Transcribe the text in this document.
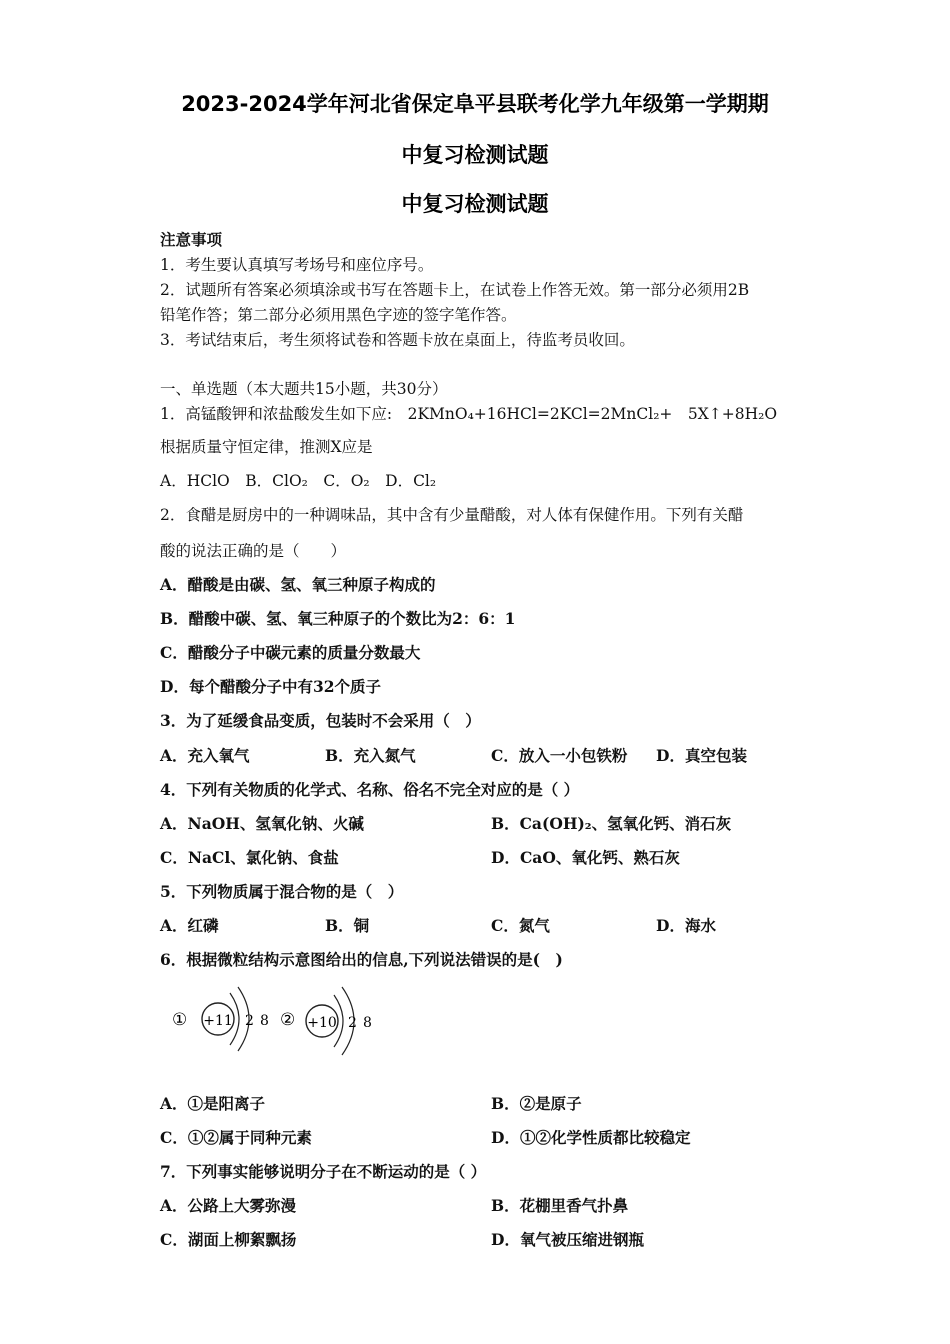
2023-2024学年河北省保定阜平县联考化学九年级第一学期期
中复习检测试题
中复习检测试题
注意事项
1．考生要认真填写考场号和座位序号。
2．试题所有答案必须填涂或书写在答题卡上，在试卷上作答无效。第一部分必须用2B
铅笔作答；第二部分必须用黑色字迹的签字笔作答。
3．考试结束后，考生须将试卷和答题卡放在桌面上，待监考员收回。
一、单选题（本大题共15小题，共30分）
1．高锰酸钾和浓盐酸发生如下应:　2KMnO₄+16HCl=2KCl=2MnCl₂+　5X↑+8H₂O
根据质量守恒定律，推测X应是
A．HClO　B．ClO₂　C．O₂　D．Cl₂
2．食醋是厨房中的一种调味品，其中含有少量醋酸，对人体有保健作用。下列有关醋
酸的说法正确的是（　　）
A．醋酸是由碳、氢、氧三种原子构成的
B．醋酸中碳、氢、氧三种原子的个数比为2：6：1
C．醋酸分子中碳元素的质量分数最大
D．每个醋酸分子中有32个质子
3．为了延缓食品变质，包装时不会采用（　）
A．充入氧气	B．充入氮气	C．放入一小包铁粉 D．真空包装
4．下列有关物质的化学式、名称、俗名不完全对应的是（ ）
A．NaOH、氢氧化钠、火碱	B．Ca(OH)₂、氢氧化钙、消石灰
C．NaCl、氯化钠、食盐	D．CaO、氧化钙、熟石灰
5．下列物质属于混合物的是（　）
A．红磷	B．铜	C．氮气	D．海水
6．根据微粒结构示意图给出的信息,下列说法错误的是(　)
① +11 2 8 ② +10 2 8
A．①是阳离子	B．②是原子
C．①②属于同种元素	D．①②化学性质都比较稳定
7．下列事实能够说明分子在不断运动的是（ ）
A．公路上大雾弥漫	B．花棚里香气扑鼻
C．湖面上柳絮飘扬	D．氧气被压缩进钢瓶
